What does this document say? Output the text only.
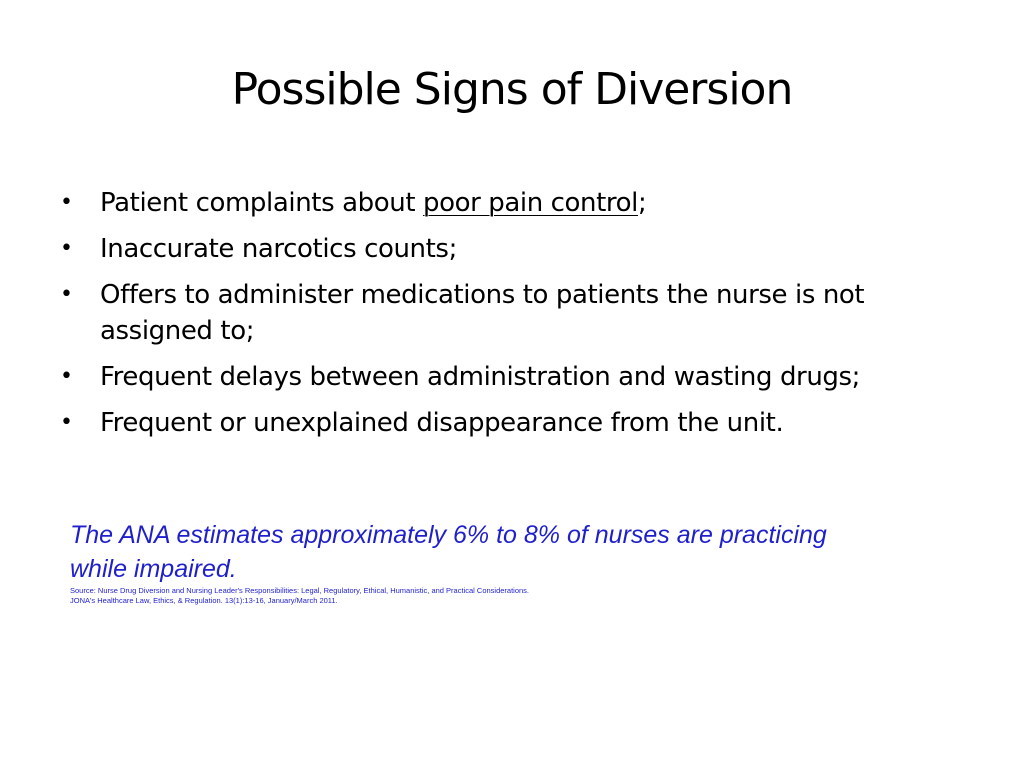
Possible Signs of Diversion
• Patient complaints about poor pain control;
• Inaccurate narcotics counts;
• Offers to administer medications to patients the nurse is not assigned to;
• Frequent delays between administration and wasting drugs;
• Frequent or unexplained disappearance from the unit.

The ANA estimates approximately 6% to 8% of nurses are practicing while impaired.

Source: Nurse Drug Diversion and Nursing Leader's Responsibilities: Legal, Regulatory, Ethical, Humanistic, and Practical Considerations.
JONA's Healthcare Law, Ethics, & Regulation. 13(1):13-16, January/March 2011.
